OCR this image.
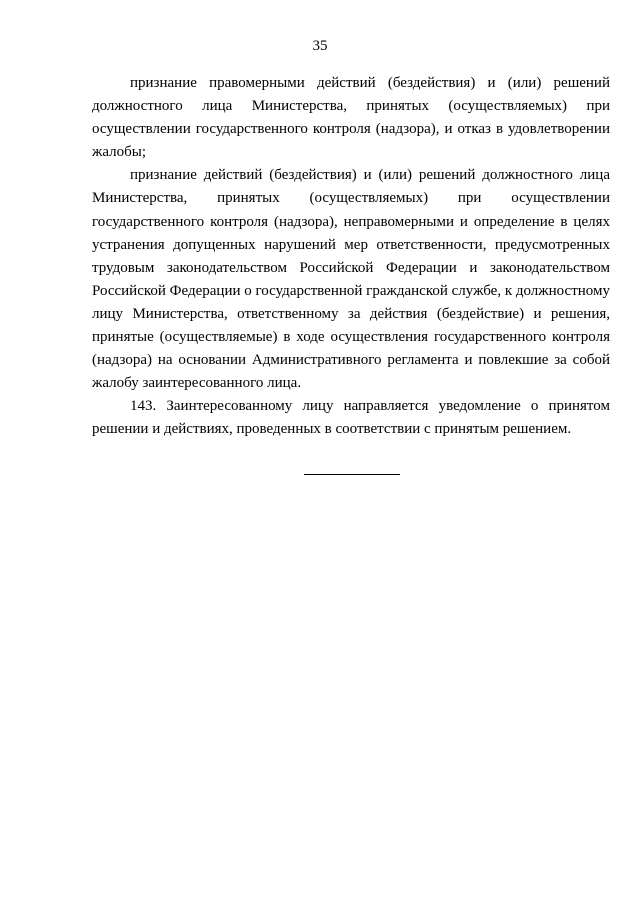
35

признание правомерными действий (бездействия) и (или) решений должностного лица Министерства, принятых (осуществляемых) при осуществлении государственного контроля (надзора), и отказ в удовлетворении жалобы;

признание действий (бездействия) и (или) решений должностного лица Министерства, принятых (осуществляемых) при осуществлении государственного контроля (надзора), неправомерными и определение в целях устранения допущенных нарушений мер ответственности, предусмотренных трудовым законодательством Российской Федерации и законодательством Российской Федерации о государственной гражданской службе, к должностному лицу Министерства, ответственному за действия (бездействие) и решения, принятые (осуществляемые) в ходе осуществления государственного контроля (надзора) на основании Административного регламента и повлекшие за собой жалобу заинтересованного лица.

143. Заинтересованному лицу направляется уведомление о принятом решении и действиях, проведенных в соответствии с принятым решением.
